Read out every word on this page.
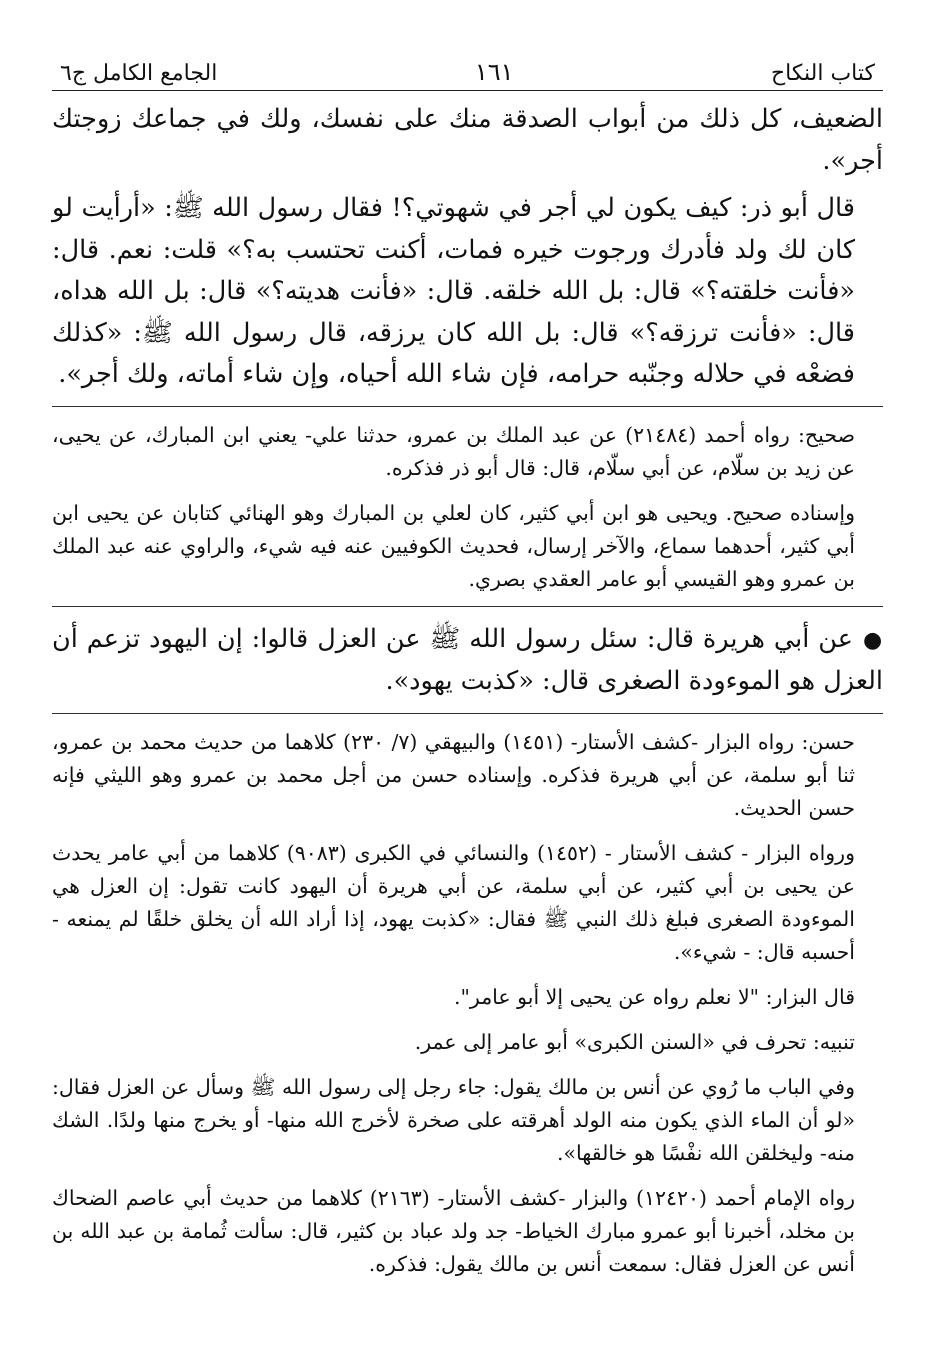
كتاب النكاح
١٦١
الجامع الكامل ج٦

الضعيف، كل ذلك من أبواب الصدقة منك على نفسك، ولك في جماعك زوجتك أجر».

قال أبو ذر: كيف يكون لي أجر في شهوتي؟! فقال رسول الله ﷺ: «أرأيت لو كان لك ولد فأدرك ورجوت خيره فمات، أكنت تحتسب به؟» قلت: نعم. قال: «فأنت خلقته؟» قال: بل الله خلقه. قال: «فأنت هديته؟» قال: بل الله هداه، قال: «فأنت ترزقه؟» قال: بل الله كان يرزقه، قال رسول الله ﷺ: «كذلك فضعْه في حلاله وجنّبه حرامه، فإن شاء الله أحياه، وإن شاء أماته، ولك أجر».

صحيح: رواه أحمد (٢١٤٨٤) عن عبد الملك بن عمرو، حدثنا علي- يعني ابن المبارك، عن يحيى، عن زيد بن سلّام، عن أبي سلّام، قال: قال أبو ذر فذكره.

وإسناده صحيح. ويحيى هو ابن أبي كثير، كان لعلي بن المبارك وهو الهنائي كتابان عن يحيى ابن أبي كثير، أحدهما سماع، والآخر إرسال، فحديث الكوفيين عنه فيه شيء، والراوي عنه عبد الملك بن عمرو وهو القيسي أبو عامر العقدي بصري.

●عن أبي هريرة قال: سئل رسول الله ﷺ عن العزل قالوا: إن اليهود تزعم أن العزل هو الموءودة الصغرى قال: «كذبت يهود».

حسن: رواه البزار -كشف الأستار- (١٤٥١) والبيهقي (٧/ ٢٣٠) كلاهما من حديث محمد بن عمرو، ثنا أبو سلمة، عن أبي هريرة فذكره. وإسناده حسن من أجل محمد بن عمرو وهو الليثي فإنه حسن الحديث.

ورواه البزار - كشف الأستار - (١٤٥٢) والنسائي في الكبرى (٩٠٨٣) كلاهما من أبي عامر يحدث عن يحيى بن أبي كثير، عن أبي سلمة، عن أبي هريرة أن اليهود كانت تقول: إن العزل هي الموءودة الصغرى فبلغ ذلك النبي ﷺ فقال: «كذبت يهود، إذا أراد الله أن يخلق خلقًا لم يمنعه - أحسبه قال: - شيء».

قال البزار: "لا نعلم رواه عن يحيى إلا أبو عامر".

تنبيه: تحرف في «السنن الكبرى» أبو عامر إلى عمر.

وفي الباب ما رُوي عن أنس بن مالك يقول: جاء رجل إلى رسول الله ﷺ وسأل عن العزل فقال: «لو أن الماء الذي يكون منه الولد أهرقته على صخرة لأخرج الله منها- أو يخرج منها ولدًا. الشك منه- وليخلقن الله نفْسًا هو خالقها».

رواه الإمام أحمد (١٢٤٢٠) والبزار -كشف الأستار- (٢١٦٣) كلاهما من حديث أبي عاصم الضحاك بن مخلد، أخبرنا أبو عمرو مبارك الخياط- جد ولد عباد بن كثير، قال: سألت ثُمامة بن عبد الله بن أنس عن العزل فقال: سمعت أنس بن مالك يقول: فذكره.
